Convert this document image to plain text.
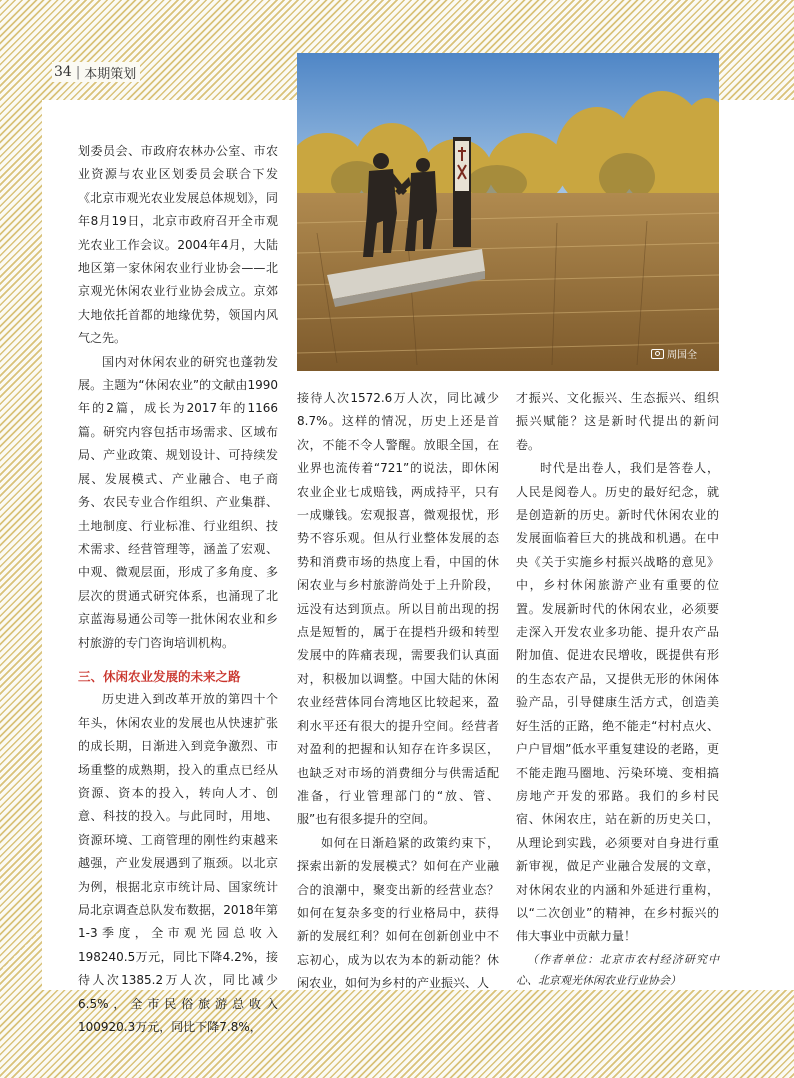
34 | 本期策划
周国全

划委员会、市政府农林办公室、市农业资源与农业区划委员会联合下发《北京市观光农业发展总体规划》，同年8月19日，北京市政府召开全市观光农业工作会议。2004年4月，大陆地区第一家休闲农业行业协会——北京观光休闲农业行业协会成立。京郊大地依托首都的地缘优势，领国内风气之先。

国内对休闲农业的研究也蓬勃发展。主题为“休闲农业”的文献由1990年的2篇，成长为2017年的1166篇。研究内容包括市场需求、区域布局、产业政策、规划设计、可持续发展、发展模式、产业融合、电子商务、农民专业合作组织、产业集群、土地制度、行业标准、行业组织、技术需求、经营管理等，涵盖了宏观、中观、微观层面，形成了多角度、多层次的贯通式研究体系，也涌现了北京蓝海易通公司等一批休闲农业和乡村旅游的专门咨询培训机构。

三、休闲农业发展的未来之路

历史进入到改革开放的第四十个年头，休闲农业的发展也从快速扩张的成长期，日渐进入到竞争激烈、市场重整的成熟期，投入的重点已经从资源、资本的投入，转向人才、创意、科技的投入。与此同时，用地、资源环境、工商管理的刚性约束越来越强，产业发展遇到了瓶颈。以北京为例，根据北京市统计局、国家统计局北京调查总队发布数据，2018年第1-3季度，全市观光园总收入198240.5万元，同比下降4.2%，接待人次1385.2万人次，同比减少6.5%，全市民俗旅游总收入100920.3万元，同比下降7.8%，

接待人次1572.6万人次，同比减少8.7%。这样的情况，历史上还是首次，不能不令人警醒。放眼全国，在业界也流传着“721”的说法，即休闲农业企业七成赔钱，两成持平，只有一成赚钱。宏观报喜，微观报忧，形势不容乐观。但从行业整体发展的态势和消费市场的热度上看，中国的休闲农业与乡村旅游尚处于上升阶段，远没有达到顶点。所以目前出现的拐点是短暂的，属于在提档升级和转型发展中的阵痛表现，需要我们认真面对，积极加以调整。中国大陆的休闲农业经营体同台湾地区比较起来，盈利水平还有很大的提升空间。经营者对盈利的把握和认知存在许多误区，也缺乏对市场的消费细分与供需适配准备，行业管理部门的“放、管、服”也有很多提升的空间。

如何在日渐趋紧的政策约束下，探索出新的发展模式？如何在产业融合的浪潮中，聚变出新的经营业态？如何在复杂多变的行业格局中，获得新的发展红利？如何在创新创业中不忘初心，成为以农为本的新动能？休闲农业，如何为乡村的产业振兴、人

才振兴、文化振兴、生态振兴、组织振兴赋能？这是新时代提出的新问卷。

时代是出卷人，我们是答卷人，人民是阅卷人。历史的最好纪念，就是创造新的历史。新时代休闲农业的发展面临着巨大的挑战和机遇。在中央《关于实施乡村振兴战略的意见》中，乡村休闲旅游产业有重要的位置。发展新时代的休闲农业，必须要走深入开发农业多功能、提升农产品附加值、促进农民增收，既提供有形的生态农产品，又提供无形的休闲体验产品，引导健康生活方式，创造美好生活的正路，绝不能走“村村点火、户户冒烟”低水平重复建设的老路，更不能走跑马圈地、污染环境、变相搞房地产开发的邪路。我们的乡村民宿、休闲农庄，站在新的历史关口，从理论到实践，必须要对自身进行重新审视，做足产业融合发展的文章，对休闲农业的内涵和外延进行重构，以“二次创业”的精神，在乡村振兴的伟大事业中贡献力量！

（作者单位：北京市农村经济研究中心、北京观光休闲农业行业协会）
